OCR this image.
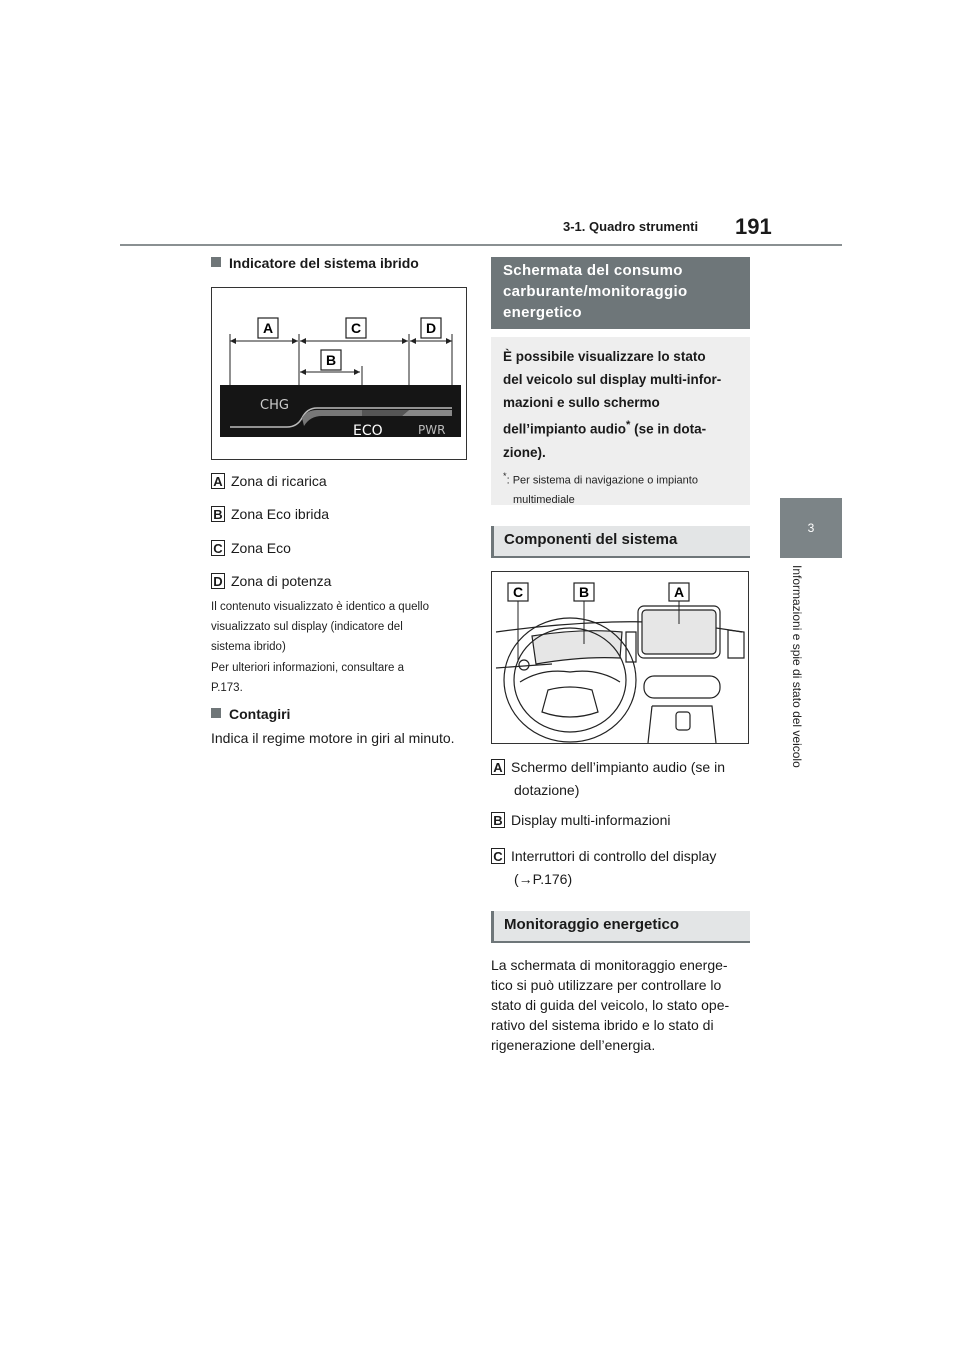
3-1. Quadro strumenti 191
3
Informazioni e spie di stato del veicolo
Indicatore del sistema ibrido
A	C	D
B
CHG
ECO	PWR
A Zona di ricarica
B Zona Eco ibrida
C Zona Eco
D Zona di potenza
Il contenuto visualizzato è identico a quello
visualizzato sul display (indicatore del
sistema ibrido)
Per ulteriori informazioni, consultare a
P.173.
Contagiri
Indica il regime motore in giri al minuto.
Schermata del consumo
carburante/monitoraggio
energetico
È possibile visualizzare lo stato
del veicolo sul display multi-infor-
mazioni e sullo schermo
dell’impianto audio* (se in dota-
zione).
*: Per sistema di navigazione o impianto
multimediale
Componenti del sistema
C	B	A
A Schermo dell’impianto audio (se in
dotazione)
B Display multi-informazioni
C Interruttori di controllo del display
(→P.176)
Monitoraggio energetico
La schermata di monitoraggio energe-
tico si può utilizzare per controllare lo
stato di guida del veicolo, lo stato ope-
rativo del sistema ibrido e lo stato di
rigenerazione dell’energia.
